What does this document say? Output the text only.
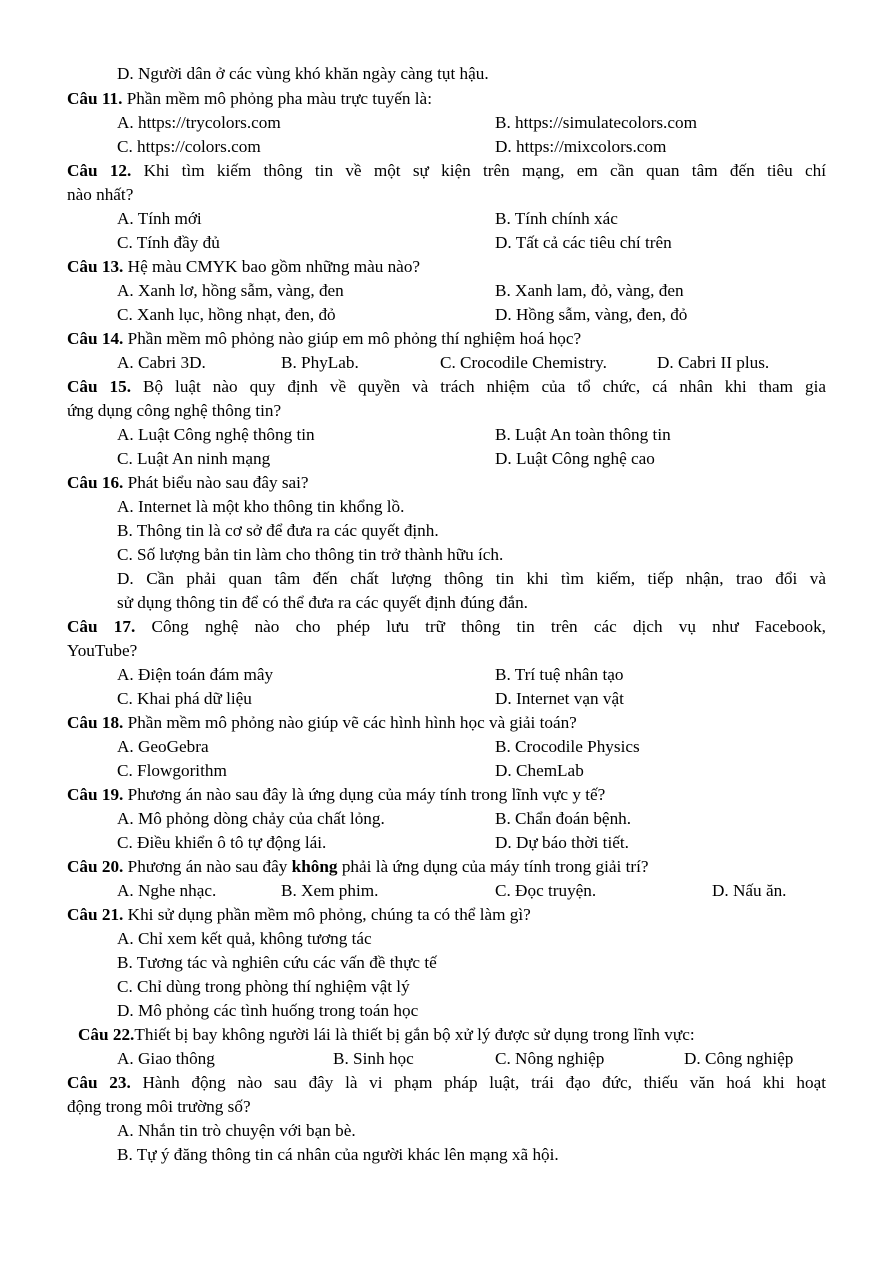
D. Người dân ở các vùng khó khăn ngày càng tụt hậu.
Câu 11. Phần mềm mô phỏng pha màu trực tuyến là:
A. https://trycolors.com	B. https://simulatecolors.com
C. https://colors.com	D. https://mixcolors.com
Câu 12. Khi tìm kiếm thông tin về một sự kiện trên mạng, em cần quan tâm đến tiêu chí
nào nhất?
A. Tính mới	B. Tính chính xác
C. Tính đầy đủ	D. Tất cả các tiêu chí trên
Câu 13. Hệ màu CMYK bao gồm những màu nào?
A. Xanh lơ, hồng sẫm, vàng, đen	B. Xanh lam, đỏ, vàng, đen
C. Xanh lục, hồng nhạt, đen, đỏ	D. Hồng sẫm, vàng, đen, đỏ
Câu 14. Phần mềm mô phỏng nào giúp em mô phỏng thí nghiệm hoá học?
A. Cabri 3D.	B. PhyLab.	C. Crocodile Chemistry.	D. Cabri II plus.
Câu 15. Bộ luật nào quy định về quyền và trách nhiệm của tổ chức, cá nhân khi tham gia
ứng dụng công nghệ thông tin?
A. Luật Công nghệ thông tin	B. Luật An toàn thông tin
C. Luật An ninh mạng	D. Luật Công nghệ cao
Câu 16. Phát biểu nào sau đây sai?
A. Internet là một kho thông tin khổng lồ.
B. Thông tin là cơ sở để đưa ra các quyết định.
C. Số lượng bản tin làm cho thông tin trở thành hữu ích.
D. Cần phải quan tâm đến chất lượng thông tin khi tìm kiếm, tiếp nhận, trao đổi và
sử dụng thông tin để có thể đưa ra các quyết định đúng đắn.
Câu 17. Công nghệ nào cho phép lưu trữ thông tin trên các dịch vụ như Facebook,
YouTube?
A. Điện toán đám mây	B. Trí tuệ nhân tạo
C. Khai phá dữ liệu	D. Internet vạn vật
Câu 18. Phần mềm mô phỏng nào giúp vẽ các hình hình học và giải toán?
A. GeoGebra	B. Crocodile Physics
C. Flowgorithm	D. ChemLab
Câu 19. Phương án nào sau đây là ứng dụng của máy tính trong lĩnh vực y tế?
A. Mô phỏng dòng chảy của chất lỏng.	B. Chẩn đoán bệnh.
C. Điều khiển ô tô tự động lái.	D. Dự báo thời tiết.
Câu 20. Phương án nào sau đây không phải là ứng dụng của máy tính trong giải trí?
A. Nghe nhạc.	B. Xem phim.	C. Đọc truyện.	D. Nấu ăn.
Câu 21. Khi sử dụng phần mềm mô phỏng, chúng ta có thể làm gì?
A. Chỉ xem kết quả, không tương tác
B. Tương tác và nghiên cứu các vấn đề thực tế
C. Chỉ dùng trong phòng thí nghiệm vật lý
D. Mô phỏng các tình huống trong toán học
Câu 22.Thiết bị bay không người lái là thiết bị gắn bộ xử lý được sử dụng trong lĩnh vực:
A. Giao thông	B. Sinh học	C. Nông nghiệp	D. Công nghiệp
Câu 23. Hành động nào sau đây là vi phạm pháp luật, trái đạo đức, thiếu văn hoá khi hoạt
động trong môi trường số?
A. Nhắn tin trò chuyện với bạn bè.
B. Tự ý đăng thông tin cá nhân của người khác lên mạng xã hội.
